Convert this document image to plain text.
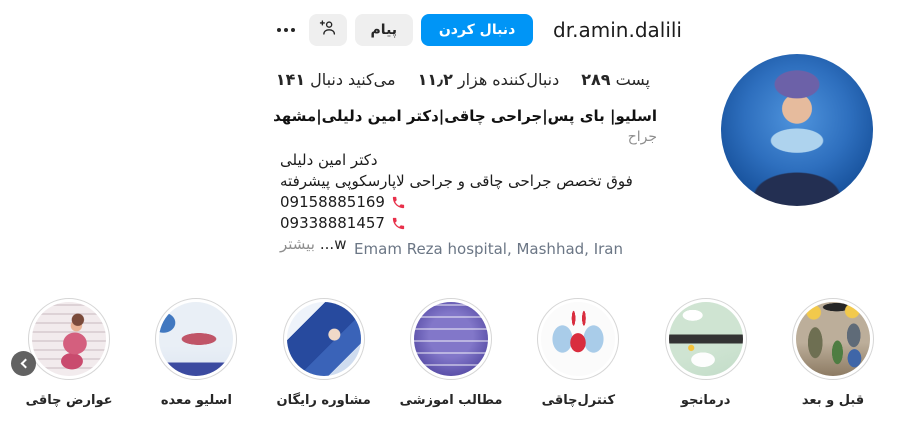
dr.amin.dalili
دنبال کردن
پیام
۲۸۹ پست
۱۱٫۲ هزار دنبال‌کننده
۱۴۱ دنبال می‌کنید
اسلیو| بای پس|جراحی چاقی|دکتر امین دلیلی|مشهد
جراح
دکتر امین دلیلی
فوق تخصص جراحی چاقی و جراحی لاپارسکوپی پیشرفته
09158885169
09338881457
بیشتر ...w Emam Reza hospital, Mashhad, Iran
قبل و بعد
درمانجو
کنترل‌چاقی
مطالب اموزشی
مشاوره رایگان
اسلیو معده
عوارض چاقی
